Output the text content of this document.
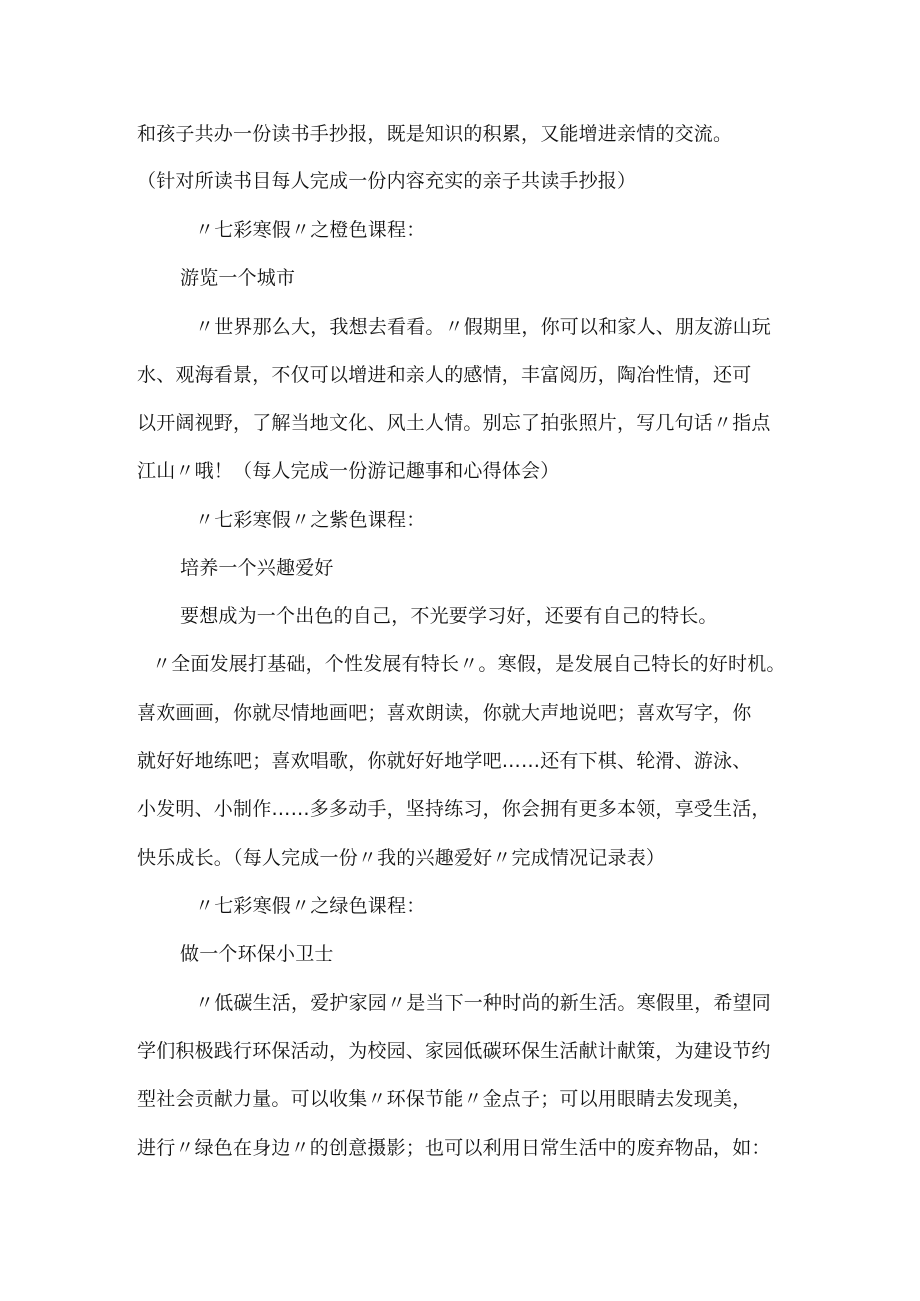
和孩子共办一份读书手抄报，既是知识的积累，又能增进亲情的交流。
（针对所读书目每人完成一份内容充实的亲子共读手抄报）
〃七彩寒假〃之橙色课程：
游览一个城市
〃世界那么大，我想去看看。〃假期里，你可以和家人、朋友游山玩
水、观海看景，不仅可以增进和亲人的感情，丰富阅历，陶冶性情，还可
以开阔视野，了解当地文化、风土人情。别忘了拍张照片，写几句话〃指点
江山〃哦！（每人完成一份游记趣事和心得体会）
〃七彩寒假〃之紫色课程：
培养一个兴趣爱好
要想成为一个出色的自己，不光要学习好，还要有自己的特长。
〃全面发展打基础，个性发展有特长〃。寒假，是发展自己特长的好时机。
喜欢画画，你就尽情地画吧；喜欢朗读，你就大声地说吧；喜欢写字，你
就好好地练吧；喜欢唱歌，你就好好地学吧……还有下棋、轮滑、游泳、
小发明、小制作……多多动手，坚持练习，你会拥有更多本领，享受生活，
快乐成长。（每人完成一份〃我的兴趣爱好〃完成情况记录表）
〃七彩寒假〃之绿色课程：
做一个环保小卫士
〃低碳生活，爱护家园〃是当下一种时尚的新生活。寒假里，希望同
学们积极践行环保活动，为校园、家园低碳环保生活献计献策，为建设节约
型社会贡献力量。可以收集〃环保节能〃金点子；可以用眼睛去发现美，
进行〃绿色在身边〃的创意摄影；也可以利用日常生活中的废弃物品，如：
